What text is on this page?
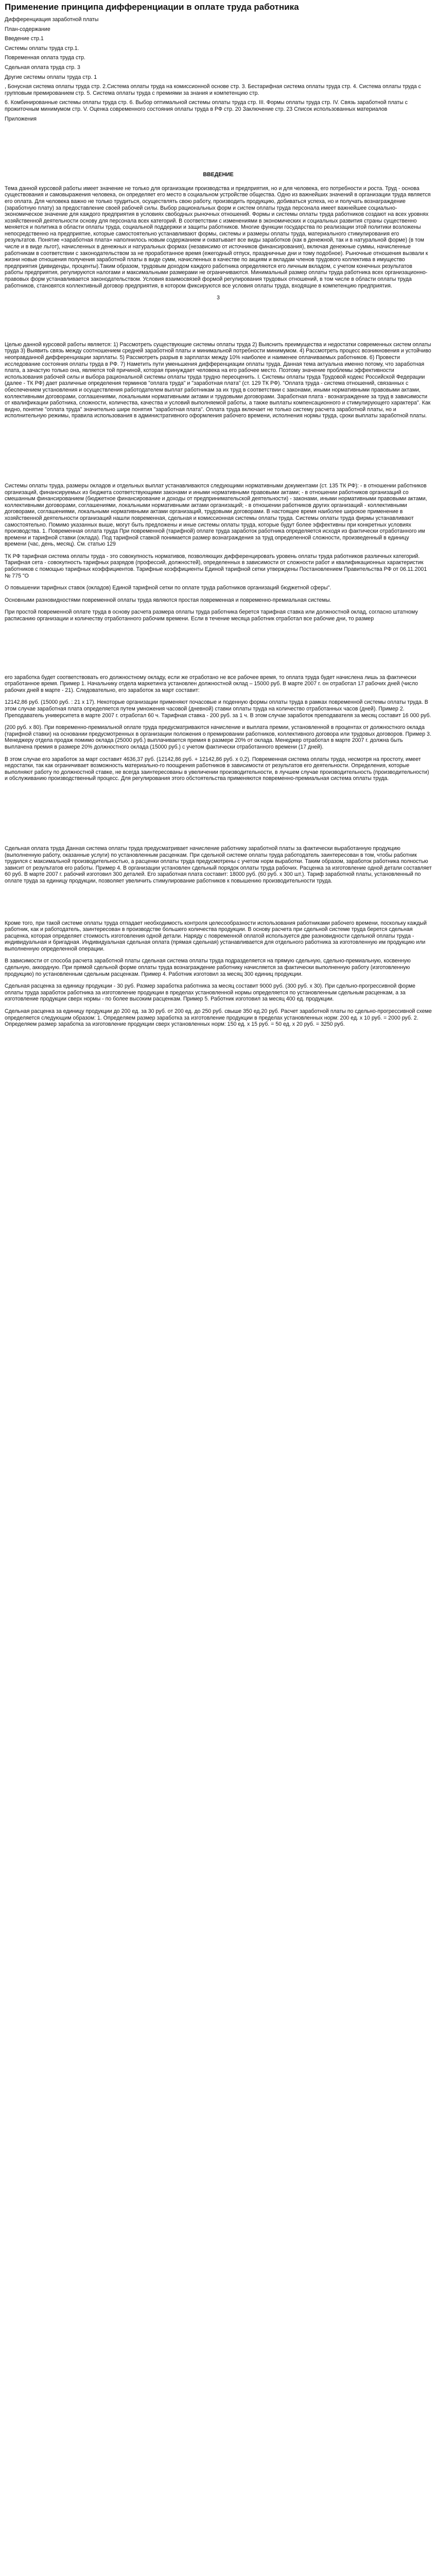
Применение принципа дифференциации в оплате труда работника

Дифференциация заработной платы

План-содержание

Введение стр.1

Системы оплаты труда стр.1.

Повременная оплата труда стр.

Сдельная оплата труда стр. 3

Другие системы оплаты труда стр. 1

, Бонусная система оплаты труда стр. 2.Система оплаты труда на комиссионной основе стр. 3. Бестарифная система оплаты труда стр. 4. Система оплаты труда с групповым премированием стр. 5. Система оплаты труда с премиями за знания и компетенцию стр.

6. Комбинированные системы оплаты труда стр. 6. Выбор оптимальной системы оплаты труда стр. III. Формы оплаты труда стр. IV. Связь заработной платы с прожиточным минимумом стр. V. Оценка современного состояния оплаты труда в РФ стр. 20 Заключение стр. 23 Список использованных материалов

Приложения

ВВЕДЕНИЕ

Тема данной курсовой работы имеет значение не только для организации производства и предприятия, но и для человека, его потребности и роста. Труд - основа существования и самовыражения человека, он определяет его место в социальном устройстве общества. Одно из важнейших значений в организации труда является его оплата. Для человека важно не только трудиться, осуществлять свою работу, производить продукцию, добиваться успеха, но и получать вознаграждение (заработную плату) за предоставление своей рабочей силы. Выбор рациональных форм и систем оплаты труда персонала имеет важнейшее социально-экономическое значение для каждого предприятия в условиях свободных рыночных отношений. Формы и системы оплаты труда работников создают на всех уровнях хозяйственной деятельности основу для персонала всех категорий. В соответствии с изменениями в экономических и социальных развития страны существенно меняется и политика в области оплаты труда, социальной поддержки и защиты работников. Многие функции государства по реализации этой политики возложены непосредственно на предприятие, которые самостоятельно устанавливают формы, системы и размеры оплаты труда, материального стимулирования его результатов. Понятие «заработная плата» наполнилось новым содержанием и охватывает все виды заработков (как в денежной, так и в натуральной форме) (в том числе и в виде льгот), начисленных в денежных и натуральных формах (независимо от источников финансирования), включая денежные суммы, начисленные работникам в соответствии с законодательством за не проработанное время (ежегодный отпуск, праздничные дни и тому подобное). Рыночные отношения вызвали к жизни новые отношения получения заработной платы в виде сумм, начисленных в качестве по акциям и вкладам членов трудового коллектива в имущество предприятия (дивиденды, проценты).Таким образом, трудовым доходом каждого работника определяются его личным вкладом, с учетом конечных результатов работы предприятия, регулируются налогами и максимальными размерами не ограничиваются. Минимальный размер оплаты труда работника всех организационно-правовых форм устанавливается законодательством. Условия взаимосвязей формой регулирования трудовых отношений, в том числе в области оплаты труда работников, становятся коллективный договор предприятия, в котором фиксируются все условия оплаты труда, входящие в компетенцию предприятия.

3

Целью данной курсовой работы является: 1) Рассмотреть существующие системы оплаты труда 2) Выяснить преимущества и недостатки современных систем оплаты труда 3) Выявить связь между соотношением средней заработной платы и минимальной потребности минимумом. 4) Рассмотреть процесс возникновения и устойчиво неоправданной дифференциации зарплаты. 5) Рассмотреть разрыв в зарплатах между 10% наиболее и наименее оплачиваемых работников. 6) Провести исследование состояния оплаты труда в РФ. 7) Наметить пути уменьшения дифференциации оплаты труда. Данная тема актуальна именно потому, что заработная плата, а зачастую только она, является той причиной, которая принуждает человека на его рабочее место. Поэтому значение проблемы эффективности использования рабочей силы и выбора рациональной системы оплаты труда трудно переоценить. I. Системы оплаты труда Трудовой кодекс Российской Федерации (далее - ТК РФ) дает различные определения терминов "оплата труда" и "заработная плата" (ст. 129 ТК РФ). "Оплата труда - система отношений, связанных с обеспечением установления и осуществления работодателем выплат работникам за их труд в соответствии с законами, иными нормативными правовыми актами, коллективными договорами, соглашениями, локальными нормативными актами и трудовыми договорами. Заработная плата - вознаграждение за труд в зависимости от квалификации работника, сложности, количества, качества и условий выполняемой работы, а также выплаты компенсационного и стимулирующего характера". Как видно, понятие "оплата труда" значительно шире понятия "заработная плата". Оплата труда включает не только систему расчета заработной платы, но и исполнительную режимы, правила использования в административного оформления рабочего времени, исполнения нормы труда, сроки выплаты заработной платы.

Системы оплаты труда, размеры окладов и отдельных выплат устанавливаются следующими нормативными документами (ст. 135 ТК РФ): - в отношении работников организаций, финансируемых из бюджета соответствующими законами и иными нормативными правовыми актами; - в отношении работников организаций со смешанным финансированием (бюджетное финансирование и доходы от предпринимательской деятельности) - законами, иными нормативными правовыми актами, коллективными договорами, соглашениями, локальными нормативными актами организаций; - в отношении работников других организаций - коллективными договорами, соглашениями, локальными нормативными актами организаций, трудовыми договорами. В настоящее время наиболее широкое применение в хозяйственной деятельности организаций нашли повременная, сдельная и комиссионная системы оплаты труда. Системы оплаты труда фирмы устанавливают самостоятельно. Помимо указанных выше, могут быть предложены и иные системы оплаты труда, которые будут более эффективны при конкретных условиях производства. 1. Повременная оплата труда При повременной (тарифной) оплате труда заработок работника определяется исходя из фактически отработанного им времени и тарифной ставки (оклада). Под тарифной ставкой понимается размер вознаграждения за труд определенной сложности, произведенный в единицу времени (час, день, месяц). См. статью 129

ТК РФ тарифная система оплаты труда - это совокупность нормативов, позволяющих дифференцировать уровень оплаты труда работников различных категорий. Тарифная сета - совокупность тарифных разрядов (профессий, должностей), определенных в зависимости от сложности работ и квалификационных характеристик работников с помощью тарифных коэффициентов. Тарифные коэффициенты Единой тарифной сетки утверждены Постановлением Правительства РФ от 06.11.2001 № 775 "О

О повышении тарифных ставок (окладов) Единой тарифной сетки по оплате труда работников организаций бюджетной сферы".

Основными разновидностями повременной оплаты труда являются простая повременная и повременно-премиальная системы.

При простой повременной оплате труда в основу расчета размера оплаты труда работника берется тарифная ставка или должностной оклад, согласно штатному расписанию организации и количеству отработанного рабочим времени. Если в течение месяца работник отработал все рабочие дни, то размер

его заработка будет соответствовать его должностному окладу, если же отработано не все рабочее время, то оплата труда будет начислена лишь за фактически отработанное время. Пример 1. Начальнику отдела маркетинга установлен должностной оклад – 15000 руб. В марте 2007 г. он отработал 17 рабочих дней (число рабочих дней в марте - 21). Следовательно, его заработок за март составит:

12142,86 руб. (15000 руб. : 21 x 17). Некоторые организации применяют почасовые и поденную формы оплаты труда в рамках повременной системы оплаты труда. В этом случае заработная плата определяется путем умножения часовой (дневной) ставки оплаты труда на количество отработанных часов (дней). Пример 2. Преподаватель университета в марте 2007 г. отработал 60 ч. Тарифная ставка - 200 руб. за 1 ч. В этом случае заработок преподавателя за месяц составит 16 000 руб.

(200 руб. x 80). При повременно-премиальной оплате труда предусматриваются начисление и выплата премии, установленной в процентах от должностного оклада (тарифной ставки) на основании предусмотренных в организации положения о премировании работников, коллективного договора или трудовых договоров. Пример 3. Менеджеру отдела продаж помимо оклада (25000 руб.) выплачивается премия в размере 20% от оклада. Менеджер отработал в марте 2007 г. должна быть выплачена премия в размере 20% должностного оклада (15000 руб.) с учетом фактически отработанного времени (17 дней).

В этом случае его заработок за март составит 4636,37 руб. (12142,86 руб. + 12142,86 руб. x 0,2). Повременная система оплаты труда, несмотря на простоту, имеет недостатки, так как ограничивает возможность материально-го поощрения работников в зависимости от результатов его деятельности. Определения, которые выполняют работу по должностной ставке, не всегда заинтересованы в увеличении производительности, в лучшем случае производительность (производительности) и обслуживанию производственный процесс. Для регулирования этого обстоятельства применяются повременно-премиальная система оплаты труда.

Сдельная оплата труда Данная система оплаты труда предусматривает начисление работнику заработной платы за фактически выработанную продукцию (выполненную работу, оказанные услуги) по установленным расценкам. При сдельной системе оплаты труда работодатель заинтересован в том, чтобы работник трудился с максимальной производительностью, а расценки оплаты труда предусмотрены с учетом норм выработки. Таким образом, заработок работника полностью зависит от результатов его работы. Пример 4. В организации установлен сдельный порядок оплаты труда рабочих. Расценка за изготовление одной детали составляет 60 руб. В марте 2007 г. рабочий изготовил 300 деталей. Его заработная плата составит: 18000 руб. (60 руб. х 300 шт.). Тариф заработной платы, установленный по оплате труда за единицу продукции, позволяет увеличить стимулирование работников к повышению производительности труда.

Кроме того, при такой системе оплаты труда отпадает необходимость контроля целесообразности использования работниками рабочего времени, поскольку каждый работник, как и работодатель, заинтересован в производстве большего количества продукции. В основу расчета при сдельной системе труда берется сдельная расценка, которая определяет стоимость изготовления одной детали. Наряду с повременной оплатой используется две разновидности сдельной оплаты труда - индивидуальная и бригадная. Индивидуальная сдельная оплата (прямая сдельная) устанавливается для отдельного работника за изготовленную им продукцию или выполненную определенной операции.

В зависимости от способа расчета заработной платы сдельная система оплаты труда подразделяется на прямую сдельную, сдельно-премиальную, косвенную сдельную, аккордную. При прямой сдельной форме оплаты труда вознаграждение работнику начисляется за фактически выполненную работу (изготовленную продукцию) по установленным сдельным расценкам. Пример 4. Работник изготовил за месяц 300 единиц продукции.

Сдельная расценка за единицу продукции - 30 руб. Размер заработка работника за месяц составит 9000 руб. (300 руб. x 30). При сдельно-прогрессивной форме оплаты труда заработок работника за изготовление продукции в пределах установленной нормы определяется по установленным сдельным расценкам, а за изготовление продукции сверх нормы - по более высоким расценкам. Пример 5. Работник изготовил за месяц 400 ед. продукции.

Сдельная расценка за единицу продукции до 200 ед. за 30 руб. от 200 ед. до 250 руб. свыше 350 ед.20 руб. Расчет заработной платы по сдельно-прогрессивной схеме определяется следующим образом: 1. Определяем размер заработка за изготовление продукции в пределах установленных норм: 200 ед. x 10 руб. = 2000 руб. 2. Определяем размер заработка за изготовление продукции сверх установленных норм: 150 ед. x 15 руб. = 50 ед. x 20 руб. = 3250 руб.
